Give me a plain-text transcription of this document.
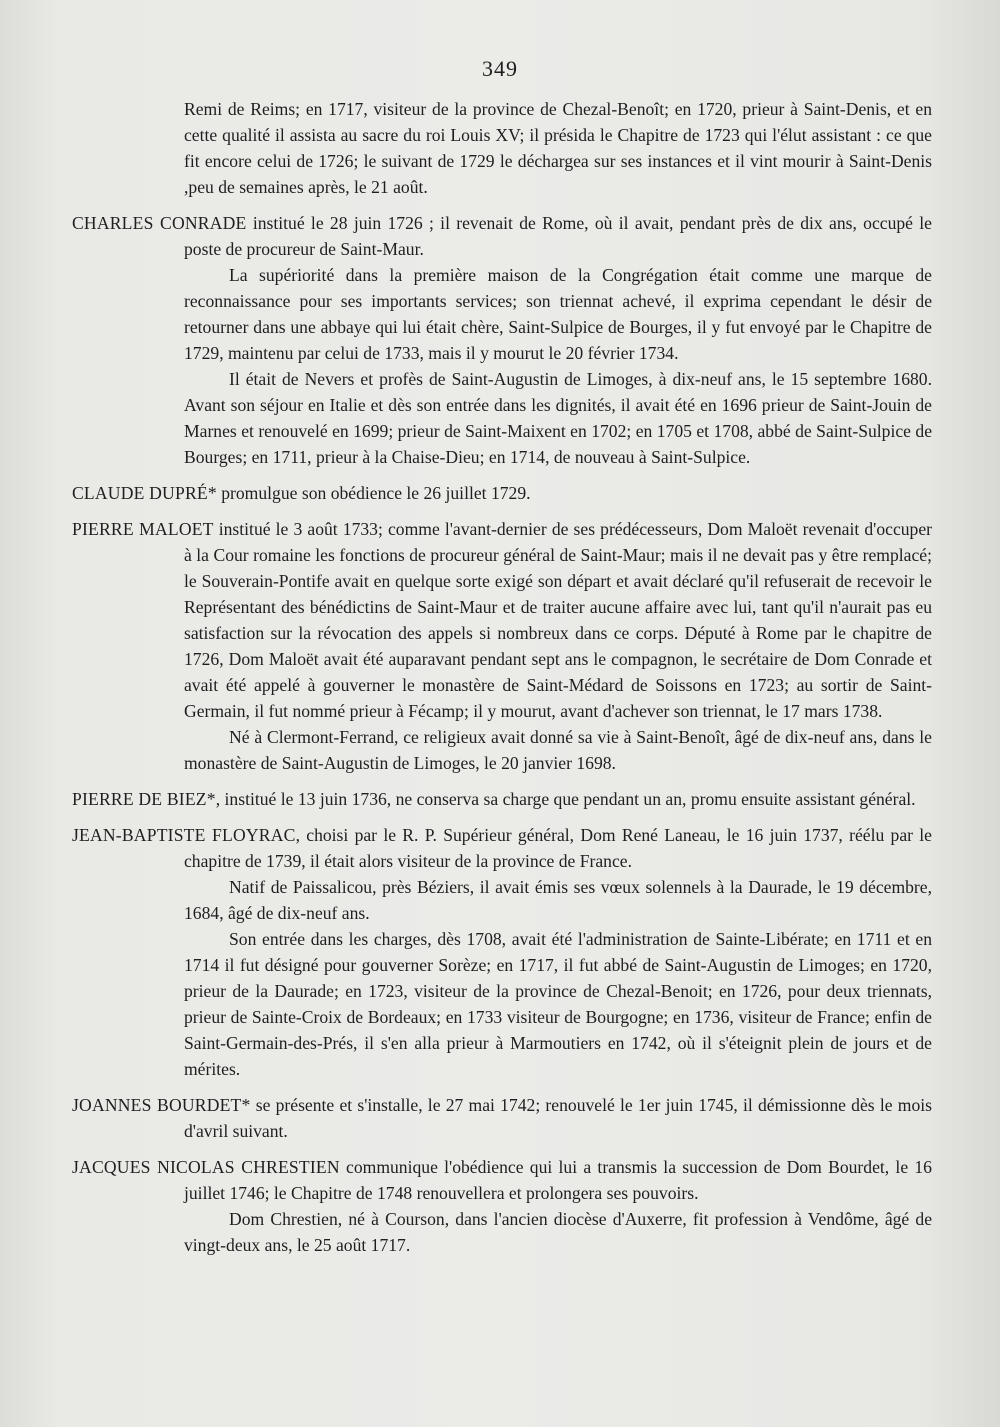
349

Remi de Reims; en 1717, visiteur de la province de Chezal-Benoît; en 1720, prieur à Saint-Denis, et en cette qualité il assista au sacre du roi Louis XV; il présida le Chapitre de 1723 qui l'élut assistant : ce que fit encore celui de 1726; le suivant de 1729 le déchargea sur ses instances et il vint mourir à Saint-Denis ,peu de semaines après, le 21 août.

CHARLES CONRADE institué le 28 juin 1726 ; il revenait de Rome, où il avait, pendant près de dix ans, occupé le poste de procureur de Saint-Maur.

La supériorité dans la première maison de la Congrégation était comme une marque de reconnaissance pour ses importants services; son triennat achevé, il exprima cependant le désir de retourner dans une abbaye qui lui était chère, Saint-Sulpice de Bourges, il y fut envoyé par le Chapitre de 1729, maintenu par celui de 1733, mais il y mourut le 20 février 1734.

Il était de Nevers et profès de Saint-Augustin de Limoges, à dix-neuf ans, le 15 septembre 1680. Avant son séjour en Italie et dès son entrée dans les dignités, il avait été en 1696 prieur de Saint-Jouin de Marnes et renouvelé en 1699; prieur de Saint-Maixent en 1702; en 1705 et 1708, abbé de Saint-Sulpice de Bourges; en 1711, prieur à la Chaise-Dieu; en 1714, de nouveau à Saint-Sulpice.

CLAUDE DUPRÉ* promulgue son obédience le 26 juillet 1729.

PIERRE MALOET institué le 3 août 1733; comme l'avant-dernier de ses prédécesseurs, Dom Maloët revenait d'occuper à la Cour romaine les fonctions de procureur général de Saint-Maur; mais il ne devait pas y être remplacé; le Souverain-Pontife avait en quelque sorte exigé son départ et avait déclaré qu'il refuserait de recevoir le Représentant des bénédictins de Saint-Maur et de traiter aucune affaire avec lui, tant qu'il n'aurait pas eu satisfaction sur la révocation des appels si nombreux dans ce corps. Député à Rome par le chapitre de 1726, Dom Maloët avait été auparavant pendant sept ans le compagnon, le secrétaire de Dom Conrade et avait été appelé à gouverner le monastère de Saint-Médard de Soissons en 1723; au sortir de Saint-Germain, il fut nommé prieur à Fécamp; il y mourut, avant d'achever son triennat, le 17 mars 1738.

Né à Clermont-Ferrand, ce religieux avait donné sa vie à Saint-Benoît, âgé de dix-neuf ans, dans le monastère de Saint-Augustin de Limoges, le 20 janvier 1698.

PIERRE DE BIEZ*, institué le 13 juin 1736, ne conserva sa charge que pendant un an, promu ensuite assistant général.

JEAN-BAPTISTE FLOYRAC, choisi par le R. P. Supérieur général, Dom René Laneau, le 16 juin 1737, réélu par le chapitre de 1739, il était alors visiteur de la province de France.

Natif de Paissalicou, près Béziers, il avait émis ses vœux solennels à la Daurade, le 19 décembre, 1684, âgé de dix-neuf ans.

Son entrée dans les charges, dès 1708, avait été l'administration de Sainte-Libérate; en 1711 et en 1714 il fut désigné pour gouverner Sorèze; en 1717, il fut abbé de Saint-Augustin de Limoges; en 1720, prieur de la Daurade; en 1723, visiteur de la province de Chezal-Benoit; en 1726, pour deux triennats, prieur de Sainte-Croix de Bordeaux; en 1733 visiteur de Bourgogne; en 1736, visiteur de France; enfin de Saint-Germain-des-Prés, il s'en alla prieur à Marmoutiers en 1742, où il s'éteignit plein de jours et de mérites.

JOANNES BOURDET* se présente et s'installe, le 27 mai 1742; renouvelé le 1er juin 1745, il démissionne dès le mois d'avril suivant.

JACQUES NICOLAS CHRESTIEN communique l'obédience qui lui a transmis la succession de Dom Bourdet, le 16 juillet 1746; le Chapitre de 1748 renouvellera et prolongera ses pouvoirs.

Dom Chrestien, né à Courson, dans l'ancien diocèse d'Auxerre, fit profession à Vendôme, âgé de vingt-deux ans, le 25 août 1717.
